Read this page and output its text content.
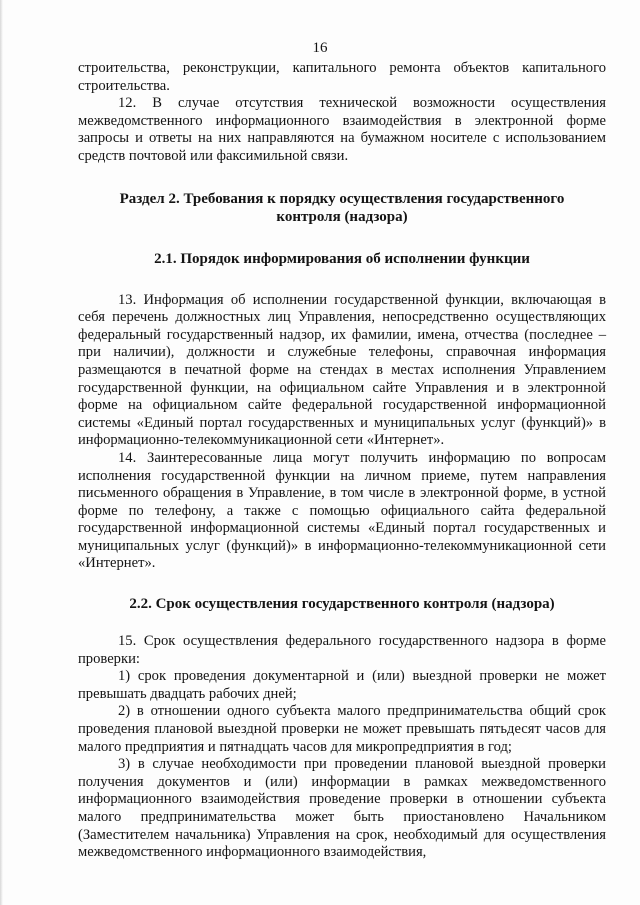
16

строительства, реконструкции, капитального ремонта объектов капитального строительства.

12. В случае отсутствия технической возможности осуществления межведомственного информационного взаимодействия в электронной форме запросы и ответы на них направляются на бумажном носителе с использованием средств почтовой или факсимильной связи.

Раздел 2. Требования к порядку осуществления государственного контроля (надзора)
2.1. Порядок информирования об исполнении функции

13. Информация об исполнении государственной функции, включающая в себя перечень должностных лиц Управления, непосредственно осуществляющих федеральный государственный надзор, их фамилии, имена, отчества (последнее – при наличии), должности и служебные телефоны, справочная информация размещаются в печатной форме на стендах в местах исполнения Управлением государственной функции, на официальном сайте Управления и в электронной форме на официальном сайте федеральной государственной информационной системы «Единый портал государственных и муниципальных услуг (функций)» в информационно-телекоммуникационной сети «Интернет».

14. Заинтересованные лица могут получить информацию по вопросам исполнения государственной функции на личном приеме, путем направления письменного обращения в Управление, в том числе в электронной форме, в устной форме по телефону, а также с помощью официального сайта федеральной государственной информационной системы «Единый портал государственных и муниципальных услуг (функций)» в информационно-телекоммуникационной сети «Интернет».

2.2. Срок осуществления государственного контроля (надзора)

15. Срок осуществления федерального государственного надзора в форме проверки:

1) срок проведения документарной и (или) выездной проверки не может превышать двадцать рабочих дней;

2) в отношении одного субъекта малого предпринимательства общий срок проведения плановой выездной проверки не может превышать пятьдесят часов для малого предприятия и пятнадцать часов для микропредприятия в год;

3) в случае необходимости при проведении плановой выездной проверки получения документов и (или) информации в рамках межведомственного информационного взаимодействия проведение проверки в отношении субъекта малого предпринимательства может быть приостановлено Начальником (Заместителем начальника) Управления на срок, необходимый для осуществления межведомственного информационного взаимодействия,
